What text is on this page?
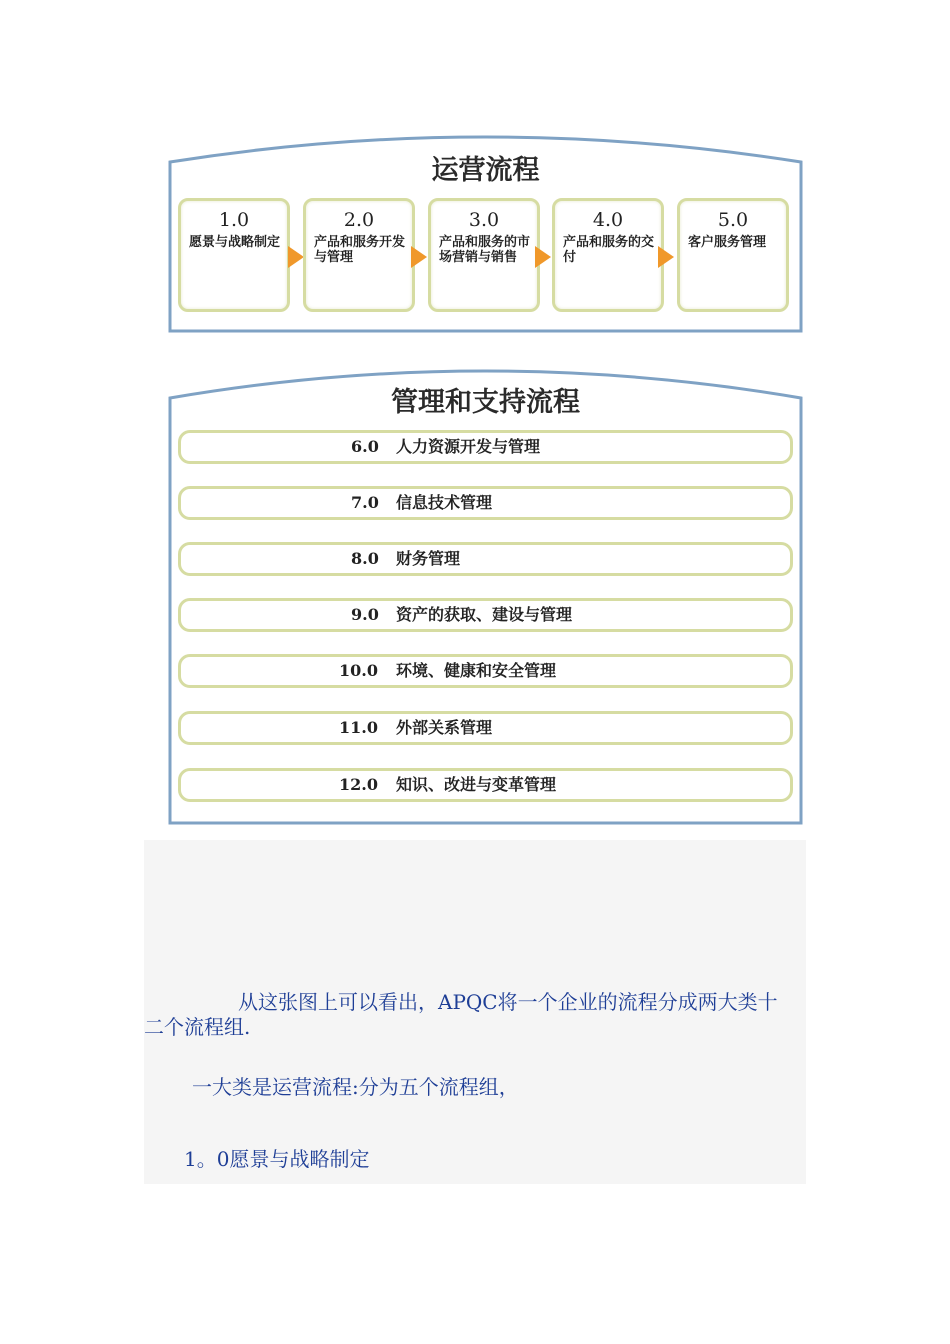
运营流程
1.0
愿景与战略制定
2.0
产品和服务开发与管理
3.0
产品和服务的市场营销与销售
4.0
产品和服务的交付
5.0
客户服务管理
管理和支持流程
6.0 人力资源开发与管理
7.0 信息技术管理
8.0 财务管理
9.0 资产的获取、建设与管理
10.0 环境、健康和安全管理
11.0 外部关系管理
12.0 知识、改进与变革管理
从这张图上可以看出，APQC将一个企业的流程分成两大类十二个流程组.
一大类是运营流程:分为五个流程组，
1。0愿景与战略制定
